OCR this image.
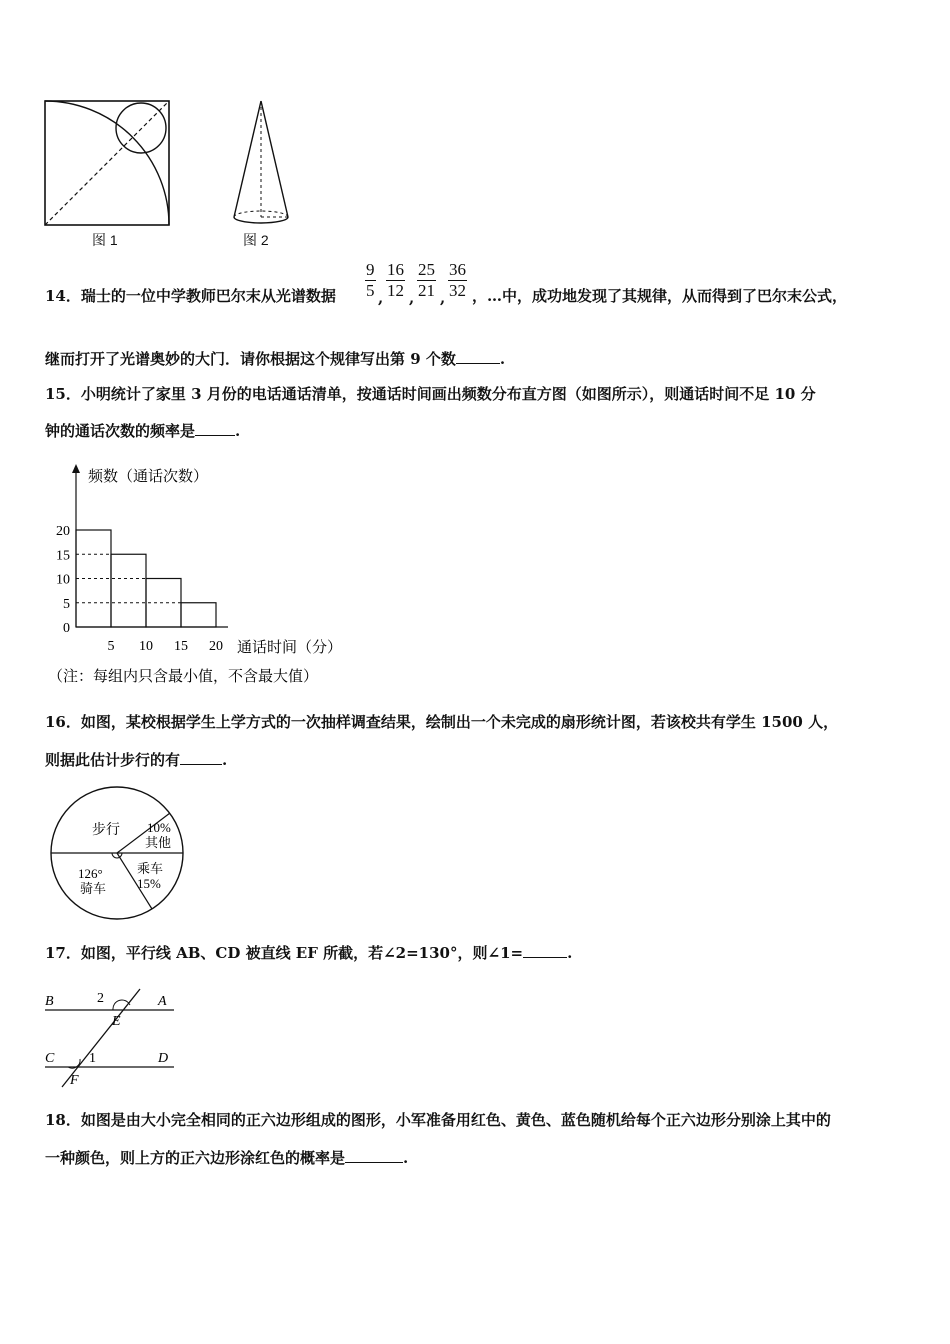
图 1	图 2
14．瑞士的一位中学教师巴尔末从光谱数据 $\frac{9}{5}$ , $\frac{16}{12}$ , $\frac{25}{21}$ , $\frac{36}{32}$ ，…中，成功地发现了其规律，从而得到了巴尔末公式，
继而打开了光谱奥妙的大门．请你根据这个规律写出第 9 个数	.
15．小明统计了家里 3 月份的电话通话清单，按通话时间画出频数分布直方图（如图所示），则通话时间不足 10 分
钟的通话次数的频率是	.
频数（通话次数）
通话时间（分）
0
5
10
15
20
5 10 15 20
（注：每组内只含最小值，不含最大值）
16．如图，某校根据学生上学方式的一次抽样调查结果，绘制出一个未完成的扇形统计图，若该校共有学生 1500 人，
则据此估计步行的有	.
步行 10%
其他
126°
骑车
乘车
15%
17．如图，平行线 AB、CD 被直线 EF 所截，若∠2=130°，则∠1=	.
B	2	A
E
C 1	D
F
18．如图是由大小完全相同的正六边形组成的图形，小军准备用红色、黄色、蓝色随机给每个正六边形分别涂上其中的
一种颜色，则上方的正六边形涂红色的概率是	.
